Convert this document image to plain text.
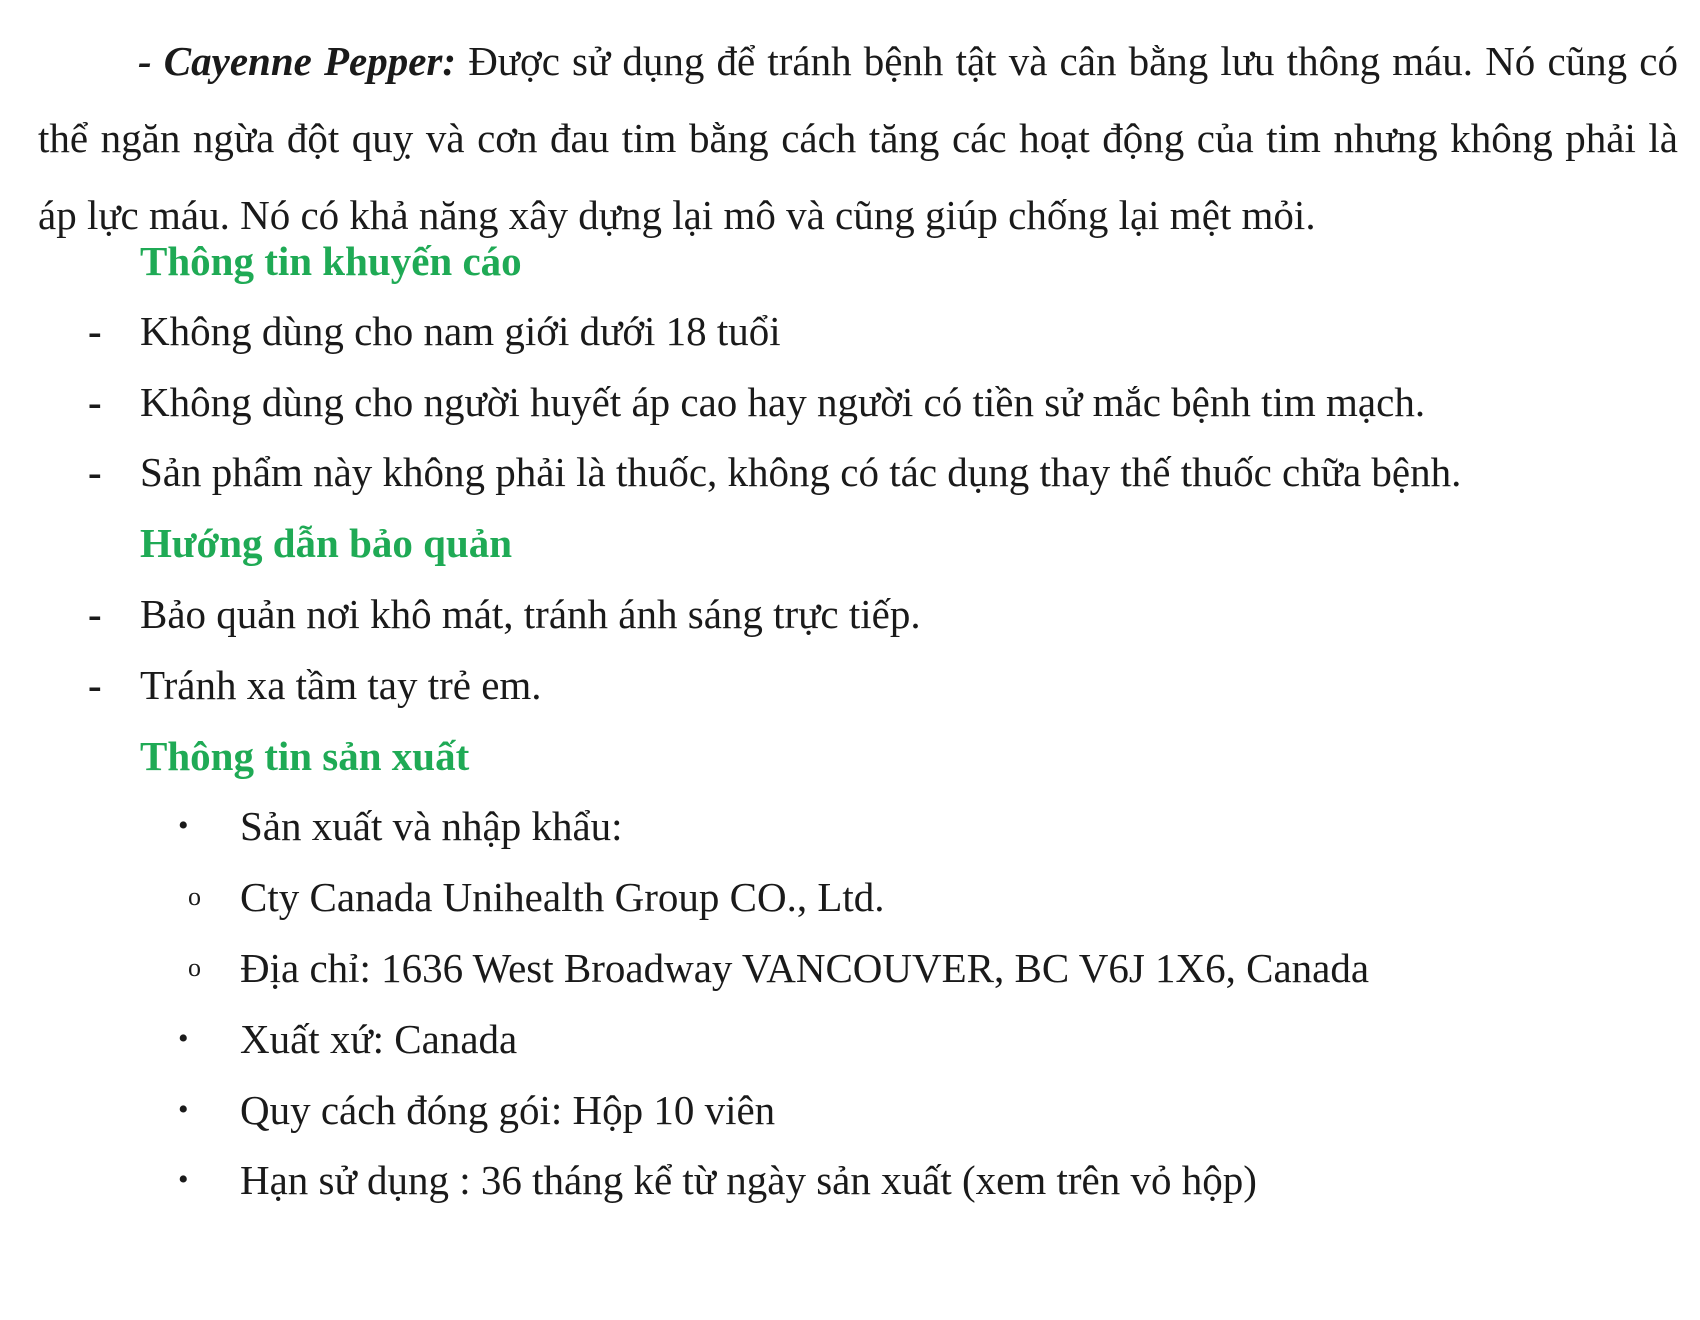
- Cayenne Pepper: Được sử dụng để tránh bệnh tật và cân bằng lưu thông máu. Nó cũng có thể ngăn ngừa đột quỵ và cơn đau tim bằng cách tăng các hoạt động của tim nhưng không phải là áp lực máu. Nó có khả năng xây dựng lại mô và cũng giúp chống lại mệt mỏi.

Thông tin khuyến cáo
- Không dùng cho nam giới dưới 18 tuổi
- Không dùng cho người huyết áp cao hay người có tiền sử mắc bệnh tim mạch.
- Sản phẩm này không phải là thuốc, không có tác dụng thay thế thuốc chữa bệnh.
Hướng dẫn bảo quản
- Bảo quản nơi khô mát, tránh ánh sáng trực tiếp.
- Tránh xa tầm tay trẻ em.
Thông tin sản xuất
• Sản xuất và nhập khẩu:
o Cty Canada Unihealth Group CO., Ltd.
o Địa chỉ: 1636 West Broadway VANCOUVER, BC V6J 1X6, Canada
• Xuất xứ: Canada
• Quy cách đóng gói: Hộp 10 viên
• Hạn sử dụng : 36 tháng kể từ ngày sản xuất (xem trên vỏ hộp)
